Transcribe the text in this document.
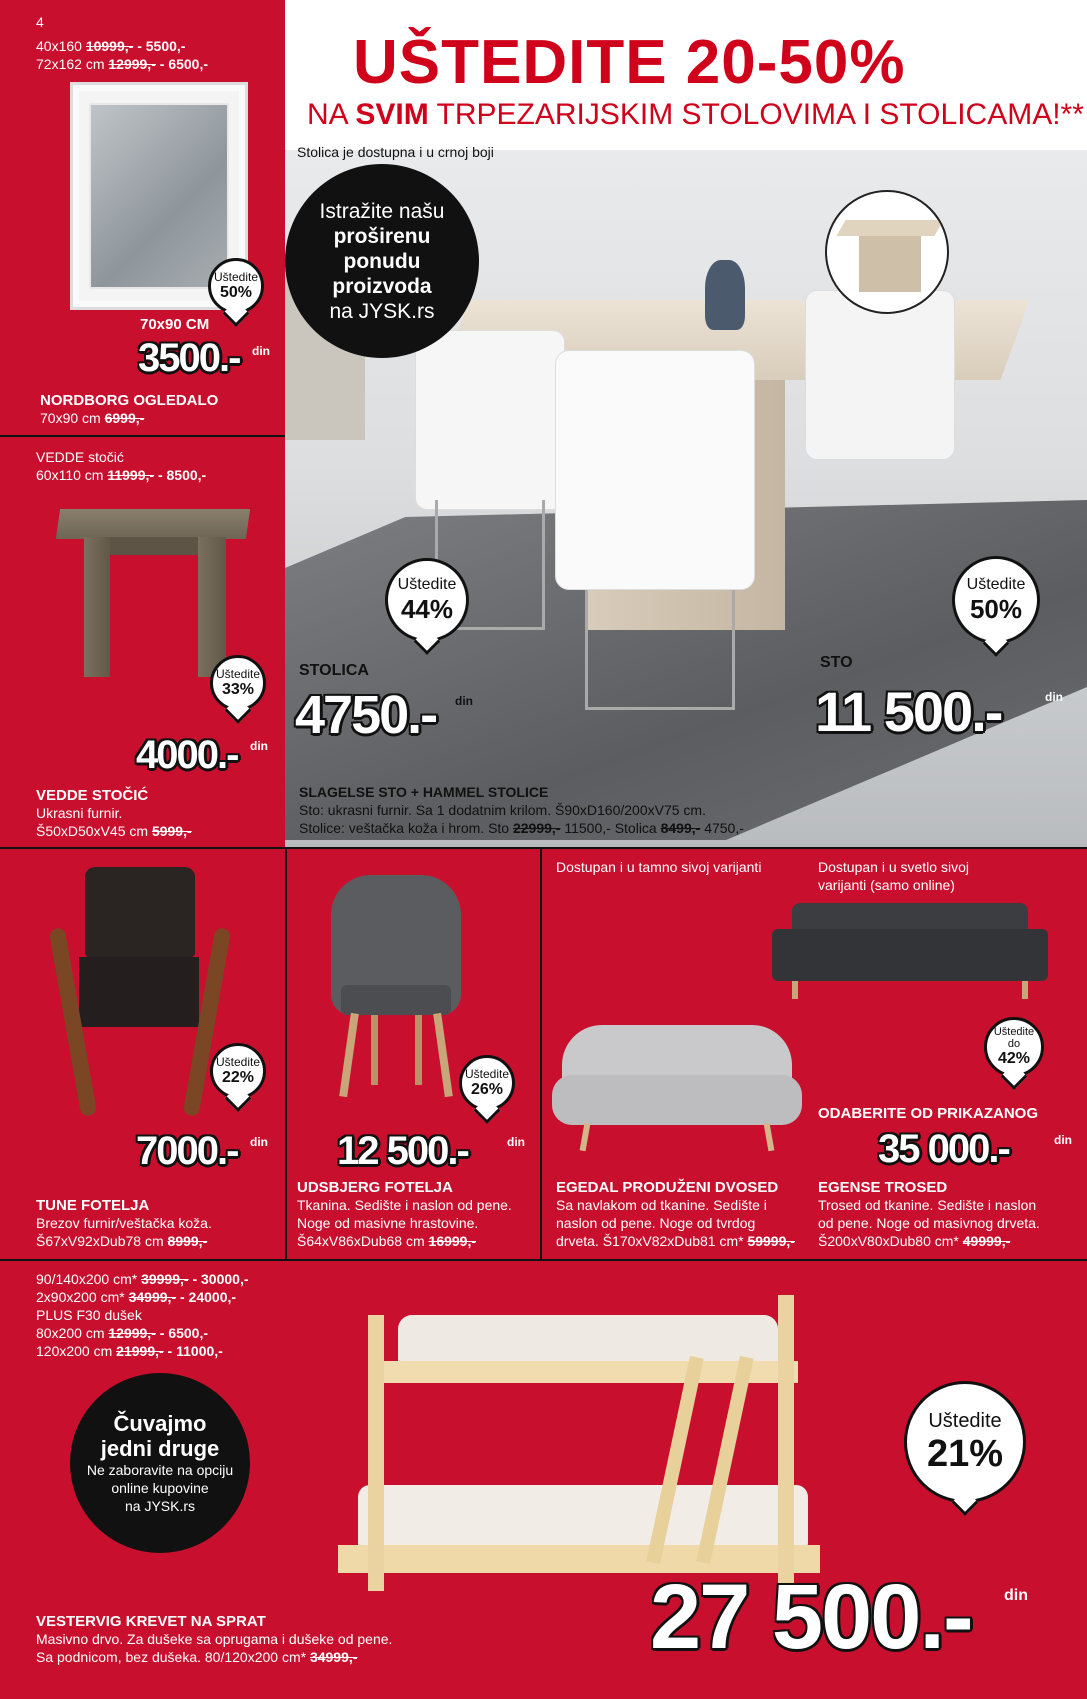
4
40x160 10999,- - 5500,-
72x162 cm 12999,- - 6500,-
Uštedite
50%
70x90 CM
3500.- din
NORDBORG OGLEDALO
70x90 cm 6999,-
VEDDE stočić
60x110 cm 11999,- - 8500,-
Uštedite
33%
4000.- din
VEDDE STOČIĆ
Ukrasni furnir.
Š50xD50xV45 cm 5999,-
UŠTEDITE 20-50%
NA SVIM TRPEZARIJSKIM STOLOVIMA I STOLICAMA!**
Stolica je dostupna i u crnoj boji
Istražite našu
proširenu
ponudu
proizvoda
na JYSK.rs
Uštedite
44%
Uštedite
50%
STOLICA
4750.- din
STO
11 500.-	din
SLAGELSE STO + HAMMEL STOLICE
Sto: ukrasni furnir. Sa 1 dodatnim krilom. Š90xD160/200xV75 cm.
Stolice: veštačka koža i hrom. Sto 22999,- 11500,- Stolica 8499,- 4750,-
Uštedite
22%
7000.- din
TUNE FOTELJA
Brezov furnir/veštačka koža.
Š67xV92xDub78 cm 8999,-
Uštedite
26%
12 500.-	din
UDSBJERG FOTELJA
Tkanina. Sedište i naslon od pene.
Noge od masivne hrastovine.
Š64xV86xDub68 cm 16999,-
Dostupan i u tamno sivoj varijanti	Dostupan i u svetlo sivoj
varijanti (samo online)
Uštedite
do
42%
ODABERITE OD PRIKAZANOG
35 000.-	din
EGEDAL PRODUŽENI DVOSED
Sa navlakom od tkanine. Sedište i
naslon od pene. Noge od tvrdog
drveta. Š170xV82xDub81 cm* 59999,-
EGENSE TROSED
Trosed od tkanine. Sedište i naslon
od pene. Noge od masivnog drveta.
Š200xV80xDub80 cm* 49999,-
90/140x200 cm* 39999,- - 30000,-
2x90x200 cm* 34999,- - 24000,-
PLUS F30 dušek
80x200 cm 12999,- - 6500,-
120x200 cm 21999,- - 11000,-
Čuvajmo
jedni druge
Ne zaboravite na opciju
online kupovine
na JYSK.rs
Uštedite
21%
27 500.- din
VESTERVIG KREVET NA SPRAT
Masivno drvo. Za dušeke sa oprugama i dušeke od pene.
Sa podnicom, bez dušeka. 80/120x200 cm* 34999,-
